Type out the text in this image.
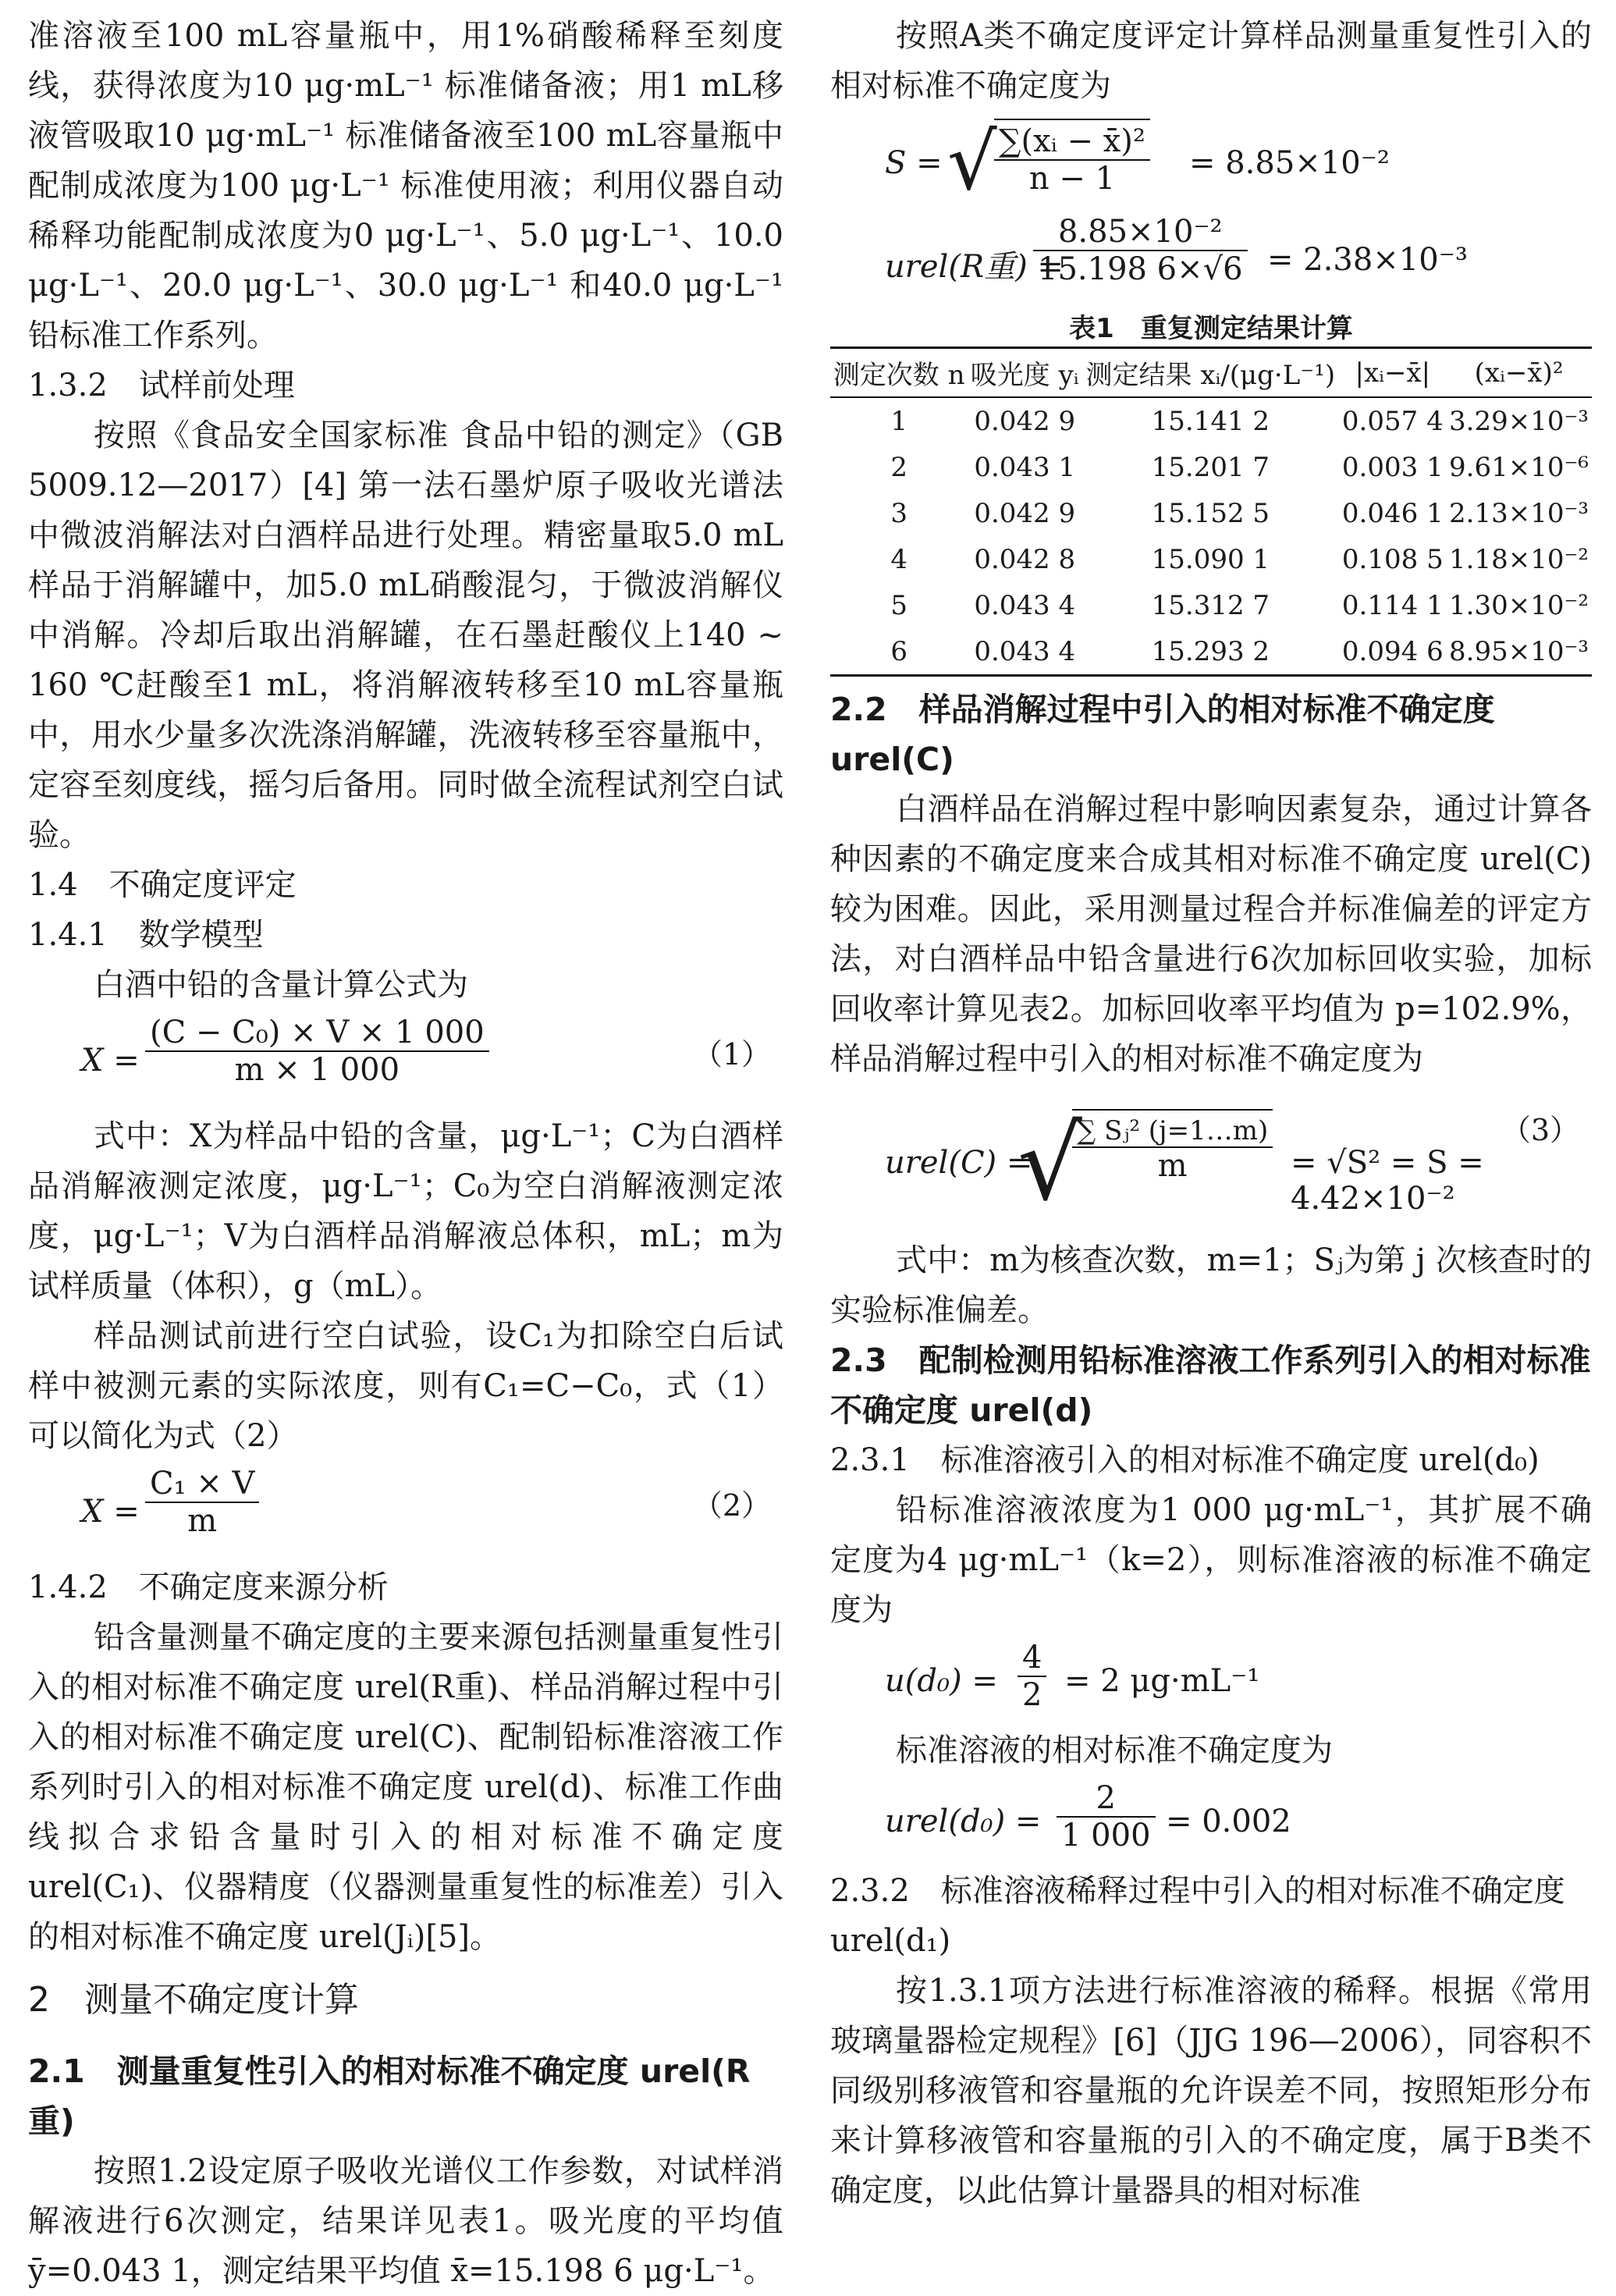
准溶液至100 mL容量瓶中，用1%硝酸稀释至刻度线，获得浓度为10 μg·mL⁻¹ 标准储备液；用1 mL移液管吸取10 μg·mL⁻¹ 标准储备液至100 mL容量瓶中配制成浓度为100 μg·L⁻¹ 标准使用液；利用仪器自动稀释功能配制成浓度为0 μg·L⁻¹、5.0 μg·L⁻¹、10.0 μg·L⁻¹、20.0 μg·L⁻¹、30.0 μg·L⁻¹ 和40.0 μg·L⁻¹ 铅标准工作系列。

1.3.2　试样前处理

按照《食品安全国家标准 食品中铅的测定》（GB 5009.12—2017）[4] 第一法石墨炉原子吸收光谱法中微波消解法对白酒样品进行处理。精密量取5.0 mL样品于消解罐中，加5.0 mL硝酸混匀，于微波消解仪中消解。冷却后取出消解罐，在石墨赶酸仪上140 ~ 160 ℃赶酸至1 mL，将消解液转移至10 mL容量瓶中，用水少量多次洗涤消解罐，洗液转移至容量瓶中，定容至刻度线，摇匀后备用。同时做全流程试剂空白试验。

1.4　不确定度评定

1.4.1　数学模型

白酒中铅的含量计算公式为

$X = \frac{\text{(C − C₀) × V × 1 000}}{m \times 1 000}$	（1）

式中：X为样品中铅的含量，μg·L⁻¹；C为白酒样品消解液测定浓度，μg·L⁻¹；C₀为空白消解液测定浓度，μg·L⁻¹；V为白酒样品消解液总体积，mL；m为试样质量（体积），g（mL）。

样品测试前进行空白试验，设C₁为扣除空白后试样中被测元素的实际浓度，则有C₁=C−C₀，式（1）可以简化为式（2）

$X = \frac{\text{C₁ × V}}{m}$	（2）

1.4.2　不确定度来源分析

铅含量测量不确定度的主要来源包括测量重复性引入的相对标准不确定度 urel(R重)、样品消解过程中引入的相对标准不确定度 urel(C)、配制铅标准溶液工作系列时引入的相对标准不确定度 urel(d)、标准工作曲线拟合求铅含量时引入的相对标准不确定度 urel(C₁)、仪器精度（仪器测量重复性的标准差）引入的相对标准不确定度 urel(Jᵢ)[5]。

2　测量不确定度计算

2.1　测量重复性引入的相对标准不确定度 urel(R重)

按照1.2设定原子吸收光谱仪工作参数，对试样消解液进行6次测定，结果详见表1。吸光度的平均值 ȳ=0.043 1，测定结果平均值 x̄=15.198 6 μg·L⁻¹。

按照A类不确定度评定计算样品测量重复性引入的相对标准不确定度为

S = √
$\frac{\text{∑(xᵢ − x̄)²}}{n - 1} = 8.85\times 10^{-2}$
urel(R重) =
$\frac{\text{8.85×10⁻²}}{15.198 6\times√6} = 2.38\times 10^{-3}$
表1　重复测定结果计算
测定次数 n	吸光度 yᵢ	测定结果 xᵢ/(μg·L⁻¹)	|xᵢ−x̄|	(xᵢ−x̄)²
1	0.042 9	15.141 2	0.057 4	3.29×10⁻³
2	0.043 1	15.201 7	0.003 1	9.61×10⁻⁶
3	0.042 9	15.152 5	0.046 1	2.13×10⁻³
4	0.042 8	15.090 1	0.108 5	1.18×10⁻²
5	0.043 4	15.312 7	0.114 1	1.30×10⁻²
6	0.043 4	15.293 2	0.094 6	8.95×10⁻³

2.2　样品消解过程中引入的相对标准不确定度 urel(C)

白酒样品在消解过程中影响因素复杂，通过计算各种因素的不确定度来合成其相对标准不确定度 urel(C)较为困难。因此，采用测量过程合并标准偏差的评定方法，对白酒样品中铅含量进行6次加标回收实验，加标回收率计算见表2。加标回收率平均值为 p=102.9%，样品消解过程中引入的相对标准不确定度为

urel(C) =
√
∑ Sⱼ² (j=1…m)
m	= √S² = S = 4.42×10⁻²
（3）

式中：m为核查次数，m=1；Sⱼ为第 j 次核查时的实验标准偏差。

2.3　配制检测用铅标准溶液工作系列引入的相对标准不确定度 urel(d)

2.3.1　标准溶液引入的相对标准不确定度 urel(d₀)

铅标准溶液浓度为1 000 μg·mL⁻¹，其扩展不确定度为4 μg·mL⁻¹（k=2），则标准溶液的标准不确定度为

$u(d_0) = \frac{4}{2} = 2$ μg·mL⁻¹

标准溶液的相对标准不确定度为

urel(d₀) = $\frac{2}{1 000} = 0.002$

2.3.2　标准溶液稀释过程中引入的相对标准不确定度 urel(d₁)

按1.3.1项方法进行标准溶液的稀释。根据《常用玻璃量器检定规程》[6]（JJG 196—2006），同容积不同级别移液管和容量瓶的允许误差不同，按照矩形分布来计算移液管和容量瓶的引入的不确定度，属于B类不确定度，以此估算计量器具的相对标准
